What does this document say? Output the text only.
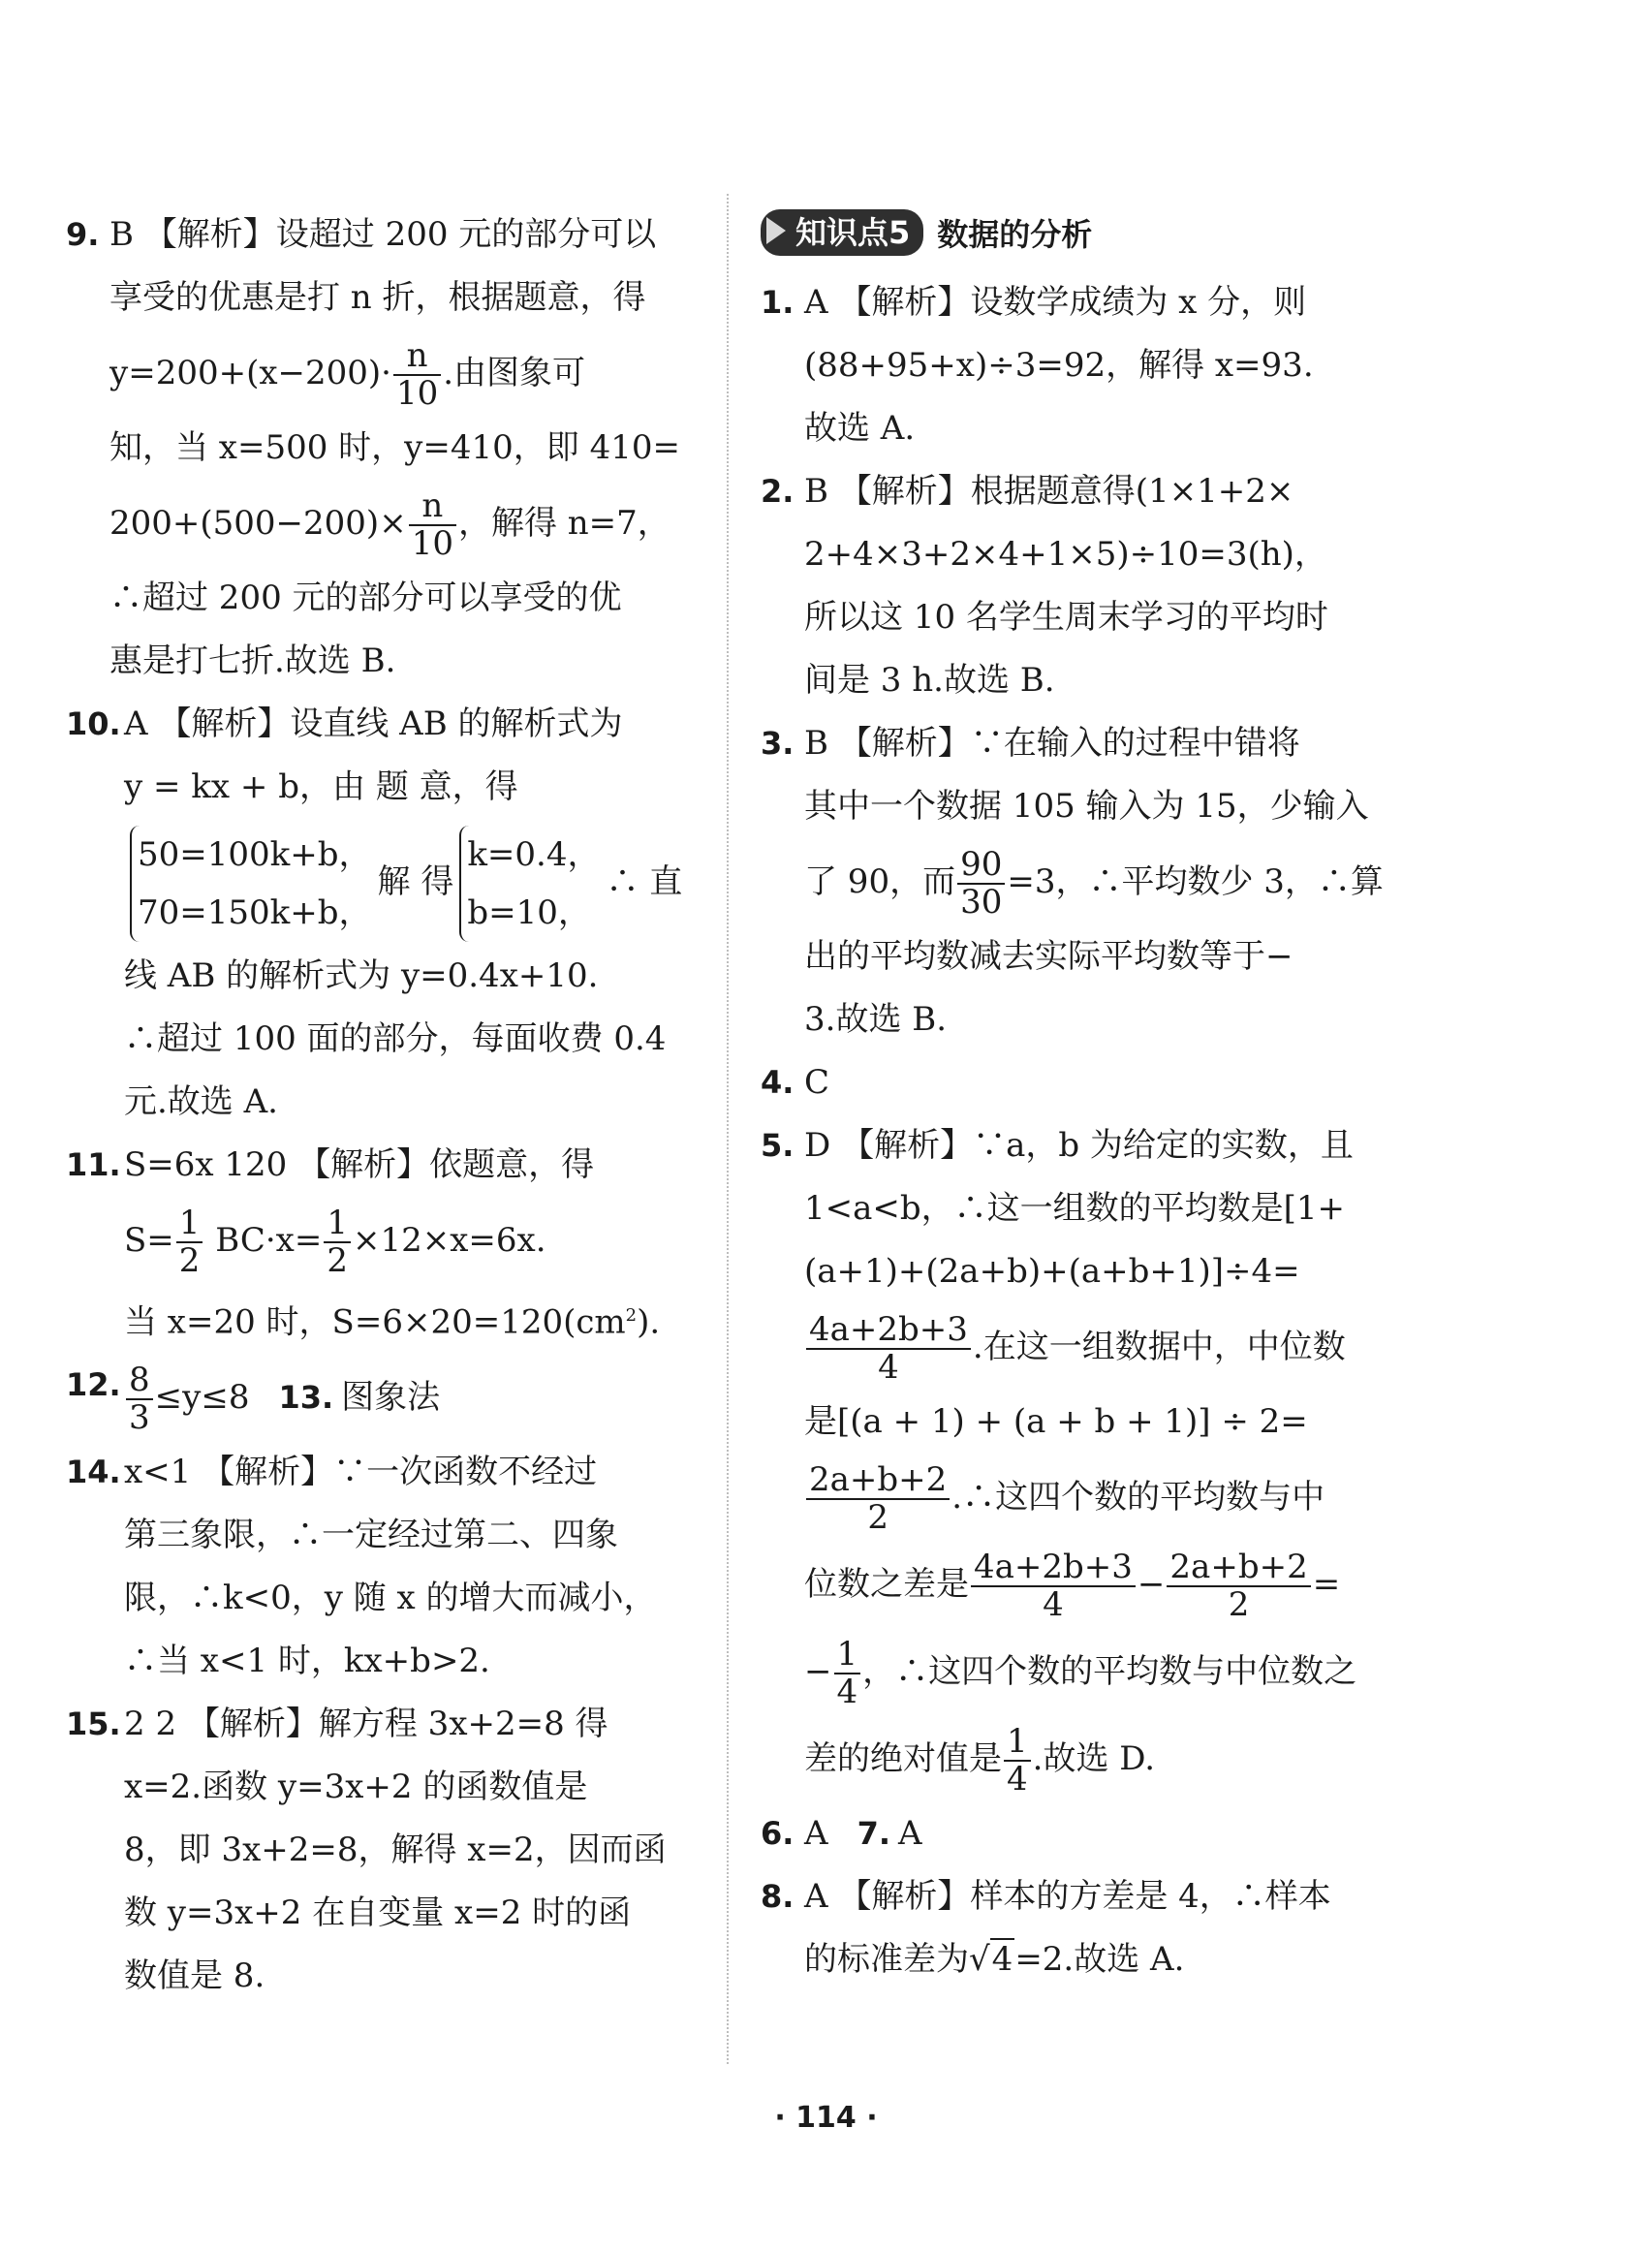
9. B 【解析】设超过 200 元的部分可以
享受的优惠是打 n 折，根据题意，得
$y=200+(x-200)\cdot \frac{n}{10}$ .由图象可
知，当 x=500 时，y=410，即 410=
$200+(500-200)\times \frac{n}{10}$ ，解得 n=7，
∴超过 200 元的部分可以享受的优
惠是打七折.故选 B.
10. A 【解析】设直线 AB 的解析式为
y = kx + b，由 题 意，得
50=100k+b，
70=150k+b，
解 得
k=0.4，
b=10，
∴ 直
线 AB 的解析式为 y=0.4x+10.
∴超过 100 面的部分，每面收费 0.4
元.故选 A.
11. S=6x 120 【解析】依题意，得
$S= \frac{1}{2} BC\cdot x= \frac{1}{2} \times 12\times x=6x$.
当 x=20 时，$S=6\times 20=120(cm^2)$.
12. $\frac{8}{3} \le y\le 8$ 13. 图象法
14. x<1 【解析】∵一次函数不经过
第三象限，∴一定经过第二、四象
限，∴k<0，y 随 x 的增大而减小，
∴当 x<1 时，kx+b>2.
15. 2 2 【解析】解方程 3x+2=8 得
x=2.函数 y=3x+2 的函数值是
8，即 3x+2=8，解得 x=2，因而函
数 y=3x+2 在自变量 x=2 时的函
数值是 8.
知识点5 数据的分析
1. A 【解析】设数学成绩为 x 分，则
(88+95+x)÷3=92，解得 x=93.
故选 A.
2. B 【解析】根据题意得(1×1+2×
2+4×3+2×4+1×5)÷10=3(h)，
所以这 10 名学生周末学习的平均时
间是 3 h.故选 B.
3. B 【解析】∵在输入的过程中错将
其中一个数据 105 输入为 15，少输入
了 90，而 $\frac{90}{30} =3$，∴平均数少 3，∴算
出的平均数减去实际平均数等于−
3.故选 B.
4. C
5. D 【解析】∵a，b 为给定的实数，且
1<a<b，∴这一组数的平均数是[1+
(a+1)+(2a+b)+(a+b+1)]÷4=
$\frac{4a+2b+3}{4}$ .在这一组数据中，中位数
是[(a + 1) + (a + b + 1)] ÷ 2=
$\frac{2a+b+2}{2}$ .∴这四个数的平均数与中
位数之差是 $\frac{4a+2b+3}{4} - \frac{2a+b+2}{2}$ =
− $\frac{1}{4}$ ，∴这四个数的平均数与中位数之
差的绝对值是 $\frac{1}{4}$ .故选 D.
6. A 7. A
8. A 【解析】样本的方差是 4，∴样本
的标准差为√4=2.故选 A.
· 114 ·
